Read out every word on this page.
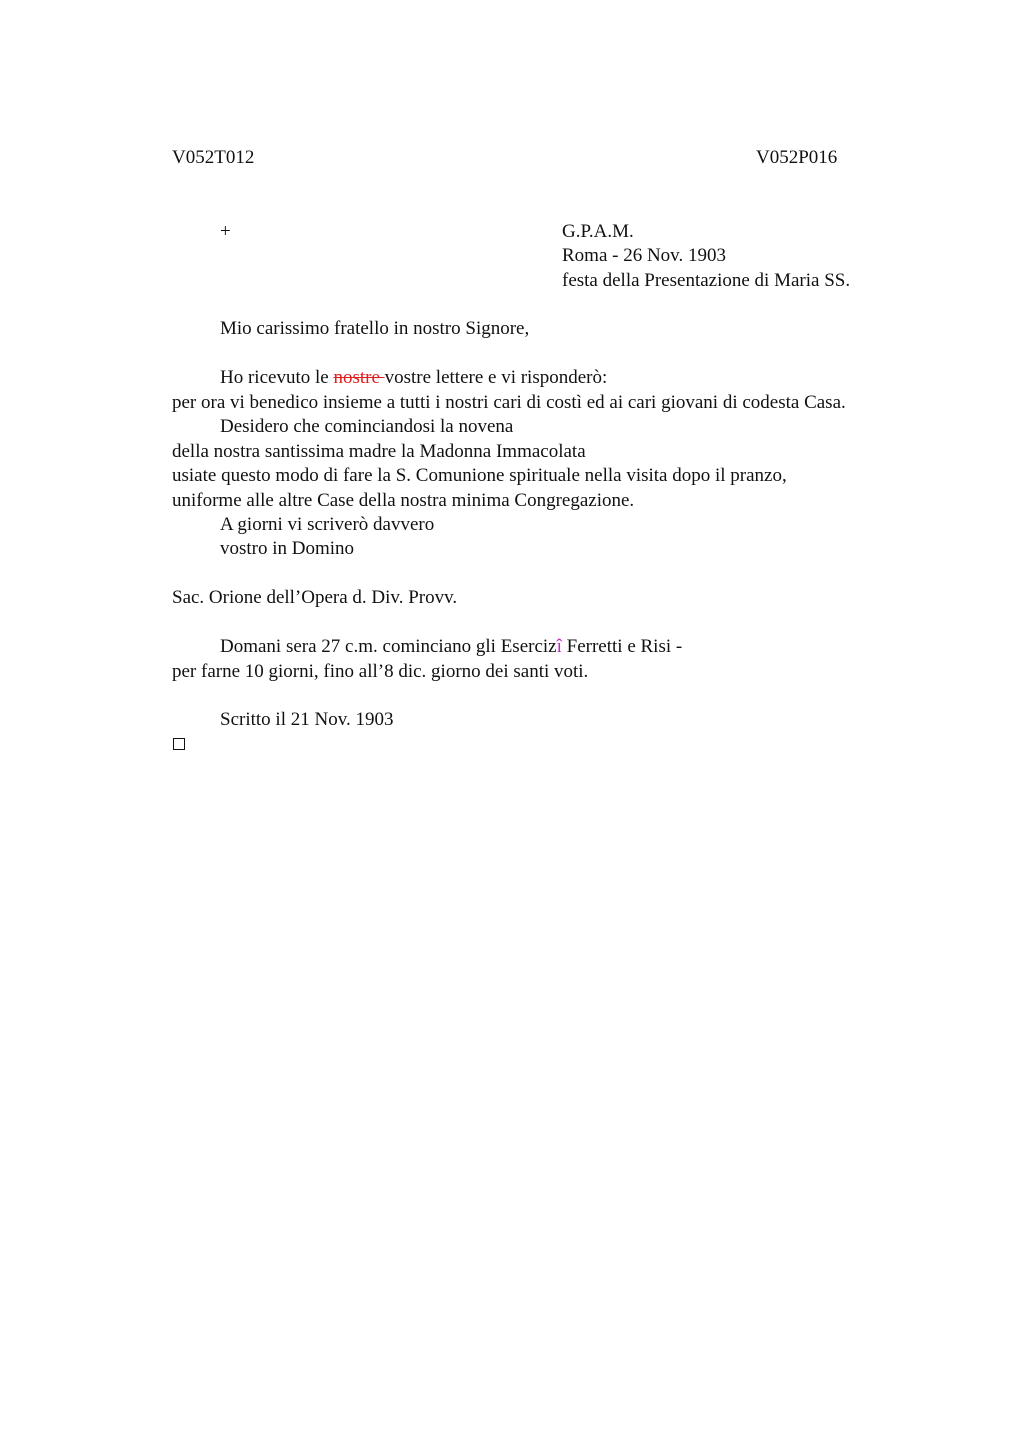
V052T012	V052P016
+	G.P.A.M.
Roma - 26 Nov. 1903
festa della Presentazione di Maria SS.
Mio carissimo fratello in nostro Signore,
Ho ricevuto le nostre vostre lettere e vi risponderò:
per ora vi benedico insieme a tutti i nostri cari di costì ed ai cari giovani di codesta Casa.
Desidero che cominciandosi la novena
della nostra santissima madre la Madonna Immacolata
usiate questo modo di fare la S. Comunione spirituale nella visita dopo il pranzo,
uniforme alle altre Case della nostra minima Congregazione.
A giorni vi scriverò davvero
vostro in Domino
Sac. Orione dell’Opera d. Div. Provv.
Domani sera 27 c.m. cominciano gli Esercizî Ferretti e Risi -
per farne 10 giorni, fino all’8 dic. giorno dei santi voti.
Scritto il 21 Nov. 1903
